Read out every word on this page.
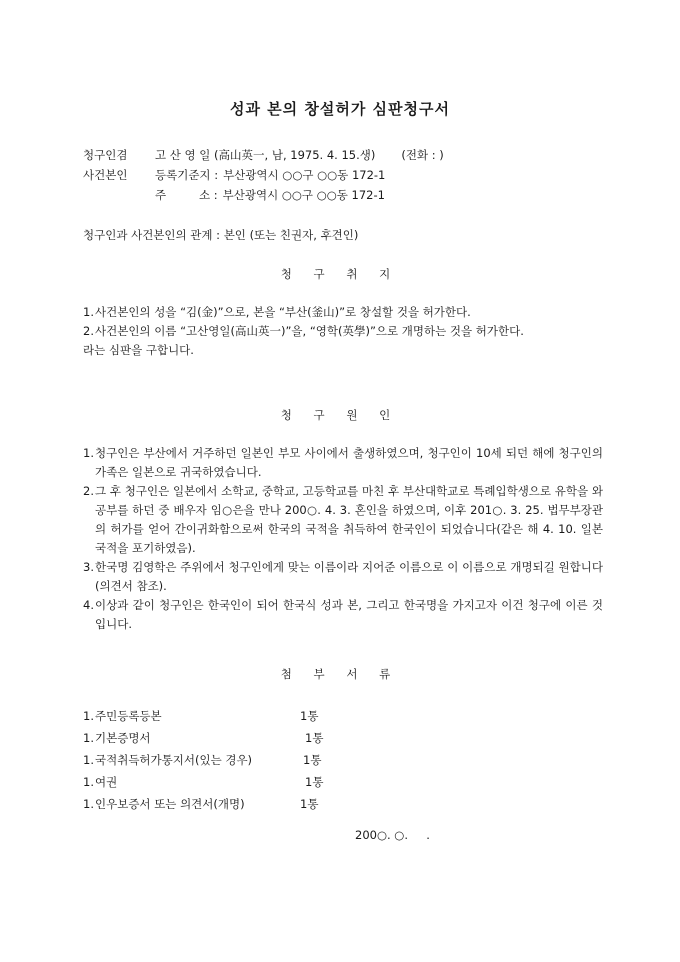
성과 본의 창설허가 심판청구서
청구인겸	고 산 영 일 (高山英一, 남, 1975. 4. 15.생) (전화 : )
사건본인	등록기준지 : 부산광역시 ○○구 ○○동 172-1
주         소 : 부산광역시 ○○구 ○○동 172-1
청구인과 사건본인의 관계 : 본인 (또는 친권자, 후견인)
청 구 취 지
1. 사건본인의 성을 “김(金)”으로, 본을 “부산(釜山)”로 창설할 것을 허가한다.
2. 사건본인의 이름 “고산영일(高山英一)”을, “영학(英學)”으로 개명하는 것을 허가한다.
라는 심판을 구합니다.
청 구 원 인
1. 청구인은 부산에서 거주하던 일본인 부모 사이에서 출생하였으며, 청구인이 10세 되던 해에 청구인의 가족은 일본으로 귀국하였습니다.
2. 그 후 청구인은 일본에서 소학교, 중학교, 고등학교를 마친 후 부산대학교로 특례입학생으로 유학을 와 공부를 하던 중 배우자 임○은을 만나 200○. 4. 3. 혼인을 하였으며, 이후 201○. 3. 25. 법무부장관의 허가를 얻어 간이귀화함으로써 한국의 국적을 취득하여 한국인이 되었습니다(같은 해 4. 10. 일본국적을 포기하였음).
3. 한국명 김영학은 주위에서 청구인에게 맞는 이름이라 지어준 이름으로 이 이름으로 개명되길 원합니다(의견서 참조).
4. 이상과 같이 청구인은 한국인이 되어 한국식 성과 본, 그리고 한국명을 가지고자 이건 청구에 이른 것입니다.
첨 부 서 류
1.주민등록등본	1통
1.기본증명서	1통
1.국적취득허가통지서(있는 경우)	1통
1.여권	1통
1.인우보증서 또는 의견서(개명)	1통
200○. ○.     .
